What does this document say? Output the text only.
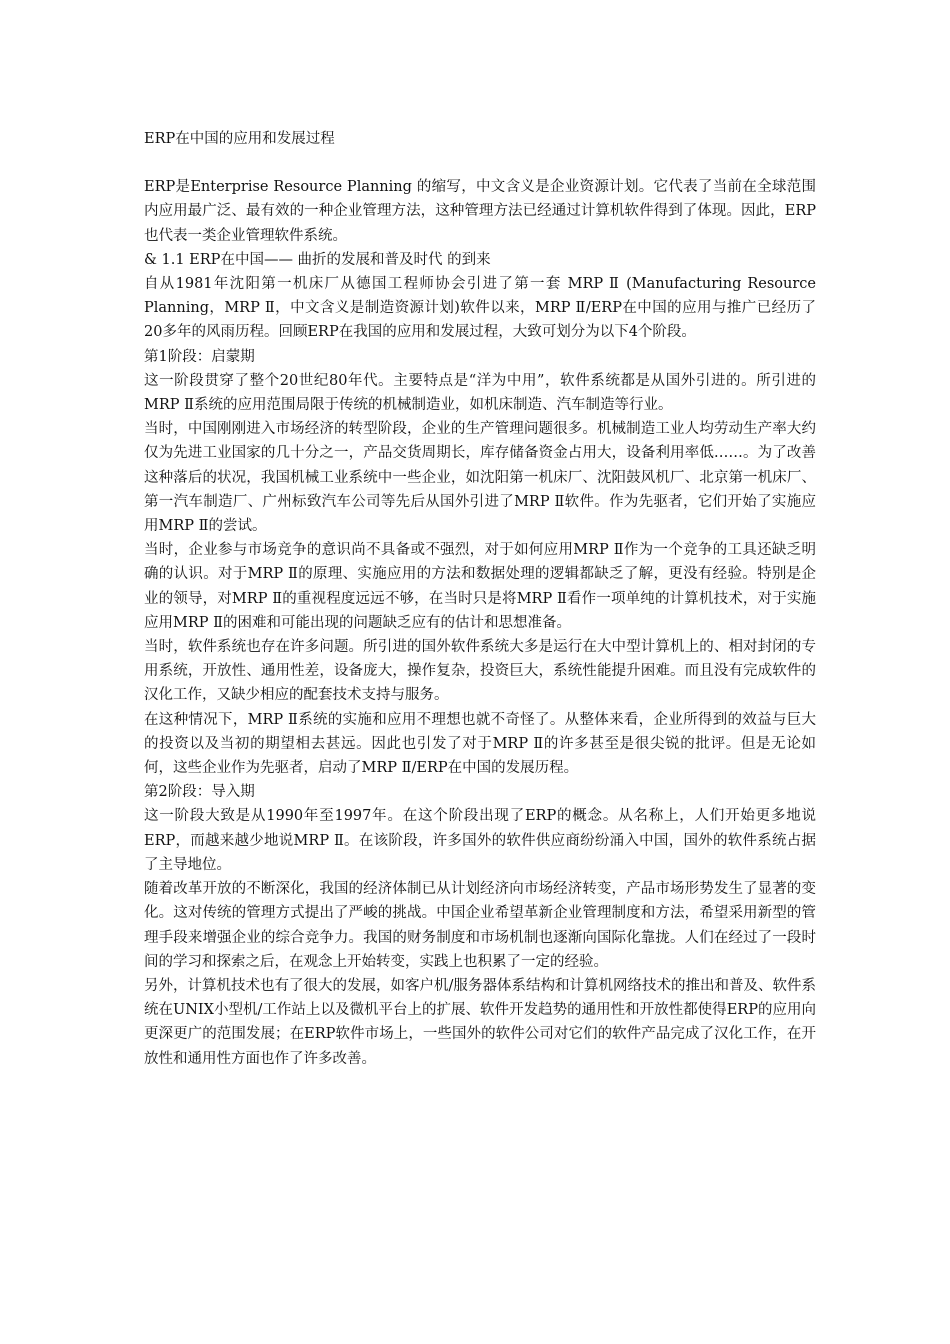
ERP在中国的应用和发展过程

ERP是Enterprise Resource Planning 的缩写，中文含义是企业资源计划。它代表了当前在全球范围内应用最广泛、最有效的一种企业管理方法，这种管理方法已经通过计算机软件得到了体现。因此，ERP也代表一类企业管理软件系统。

& 1.1 ERP在中国—— 曲折的发展和普及时代 的到来

自从1981年沈阳第一机床厂从德国工程师协会引进了第一套 MRP Ⅱ (Manufacturing Resource Planning，MRP Ⅱ，中文含义是制造资源计划)软件以来，MRP Ⅱ/ERP在中国的应用与推广已经历了20多年的风雨历程。回顾ERP在我国的应用和发展过程，大致可划分为以下4个阶段。

第1阶段：启蒙期

这一阶段贯穿了整个20世纪80年代。主要特点是“洋为中用”，软件系统都是从国外引进的。所引进的MRP Ⅱ系统的应用范围局限于传统的机械制造业，如机床制造、汽车制造等行业。

当时，中国刚刚进入市场经济的转型阶段，企业的生产管理问题很多。机械制造工业人均劳动生产率大约仅为先进工业国家的几十分之一，产品交货周期长，库存储备资金占用大，设备利用率低……。为了改善这种落后的状况，我国机械工业系统中一些企业，如沈阳第一机床厂、沈阳鼓风机厂、北京第一机床厂、第一汽车制造厂、广州标致汽车公司等先后从国外引进了MRP Ⅱ软件。作为先驱者，它们开始了实施应用MRP Ⅱ的尝试。

当时，企业参与市场竞争的意识尚不具备或不强烈，对于如何应用MRP Ⅱ作为一个竞争的工具还缺乏明确的认识。对于MRP Ⅱ的原理、实施应用的方法和数据处理的逻辑都缺乏了解，更没有经验。特别是企业的领导，对MRP Ⅱ的重视程度远远不够，在当时只是将MRP Ⅱ看作一项单纯的计算机技术，对于实施应用MRP Ⅱ的困难和可能出现的问题缺乏应有的估计和思想准备。

当时，软件系统也存在许多问题。所引进的国外软件系统大多是运行在大中型计算机上的、相对封闭的专用系统，开放性、通用性差，设备庞大，操作复杂，投资巨大，系统性能提升困难。而且没有完成软件的汉化工作，又缺少相应的配套技术支持与服务。

在这种情况下，MRP Ⅱ系统的实施和应用不理想也就不奇怪了。从整体来看，企业所得到的效益与巨大的投资以及当初的期望相去甚远。因此也引发了对于MRP Ⅱ的许多甚至是很尖锐的批评。但是无论如何，这些企业作为先驱者，启动了MRP Ⅱ/ERP在中国的发展历程。

第2阶段：导入期

这一阶段大致是从1990年至1997年。在这个阶段出现了ERP的概念。从名称上，人们开始更多地说ERP，而越来越少地说MRP Ⅱ。在该阶段，许多国外的软件供应商纷纷涌入中国，国外的软件系统占据了主导地位。

随着改革开放的不断深化，我国的经济体制已从计划经济向市场经济转变，产品市场形势发生了显著的变化。这对传统的管理方式提出了严峻的挑战。中国企业希望革新企业管理制度和方法，希望采用新型的管理手段来增强企业的综合竞争力。我国的财务制度和市场机制也逐渐向国际化靠拢。人们在经过了一段时间的学习和探索之后，在观念上开始转变，实践上也积累了一定的经验。

另外，计算机技术也有了很大的发展，如客户机/服务器体系结构和计算机网络技术的推出和普及、软件系统在UNIX小型机/工作站上以及微机平台上的扩展、软件开发趋势的通用性和开放性都使得ERP的应用向更深更广的范围发展；在ERP软件市场上，一些国外的软件公司对它们的软件产品完成了汉化工作，在开放性和通用性方面也作了许多改善。
